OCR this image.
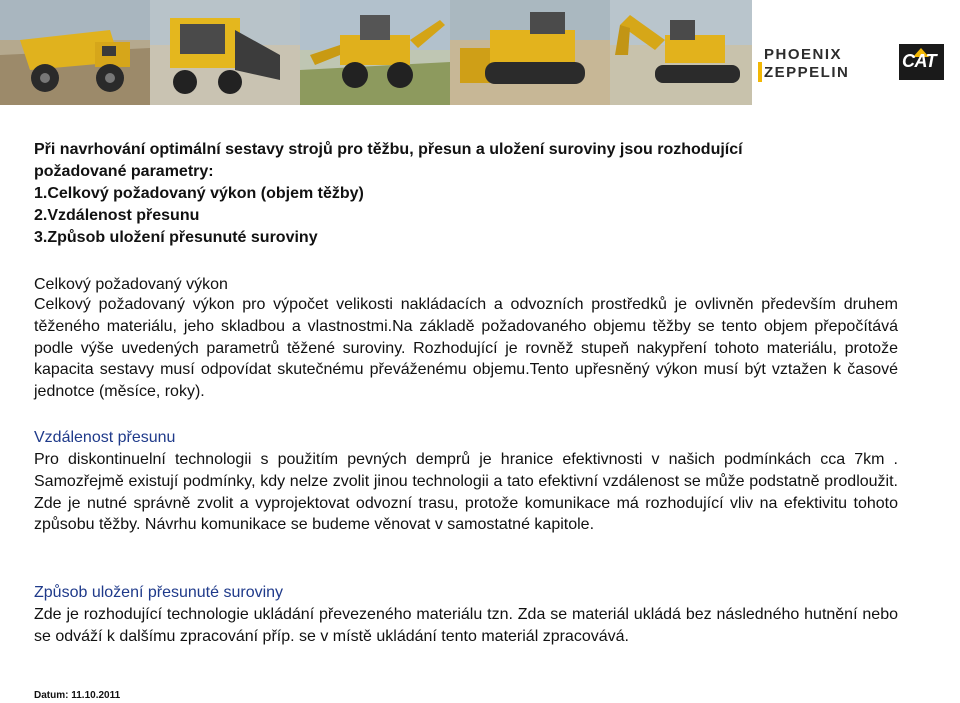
PHOENIX
ZEPPELIN
CAT
Při navrhování optimální sestavy strojů pro těžbu, přesun a uložení suroviny jsou rozhodující
požadované parametry:
1.Celkový požadovaný výkon (objem těžby)
2.Vzdálenost přesunu
3.Způsob uložení přesunuté suroviny
Celkový požadovaný výkon
Celkový požadovaný výkon pro výpočet velikosti nakládacích a odvozních prostředků je ovlivněn především druhem těženého materiálu, jeho skladbou a vlastnostmi.Na základě požadovaného objemu těžby se tento objem přepočítává podle výše uvedených parametrů těžené suroviny. Rozhodující je rovněž stupeň nakypření tohoto materiálu, protože kapacita sestavy musí odpovídat skutečnému převáženému objemu.Tento upřesněný výkon musí být vztažen k časové jednotce (měsíce, roky).
Vzdálenost přesunu
Pro diskontinuelní technologii s použitím pevných demprů je hranice efektivnosti v našich podmínkách cca 7km . Samozřejmě existují podmínky, kdy nelze zvolit jinou technologii a tato efektivní vzdálenost se může podstatně prodloužit. Zde je nutné správně zvolit a vyprojektovat odvozní trasu, protože komunikace má rozhodující vliv na efektivitu tohoto způsobu těžby. Návrhu komunikace se budeme věnovat v samostatné kapitole.
Způsob uložení přesunuté suroviny
Zde je rozhodující technologie ukládání převezeného materiálu tzn. Zda se materiál ukládá bez následného hutnění nebo se odváží k dalšímu zpracování příp. se v místě ukládání tento materiál zpracovává.
Datum: 11.10.2011
